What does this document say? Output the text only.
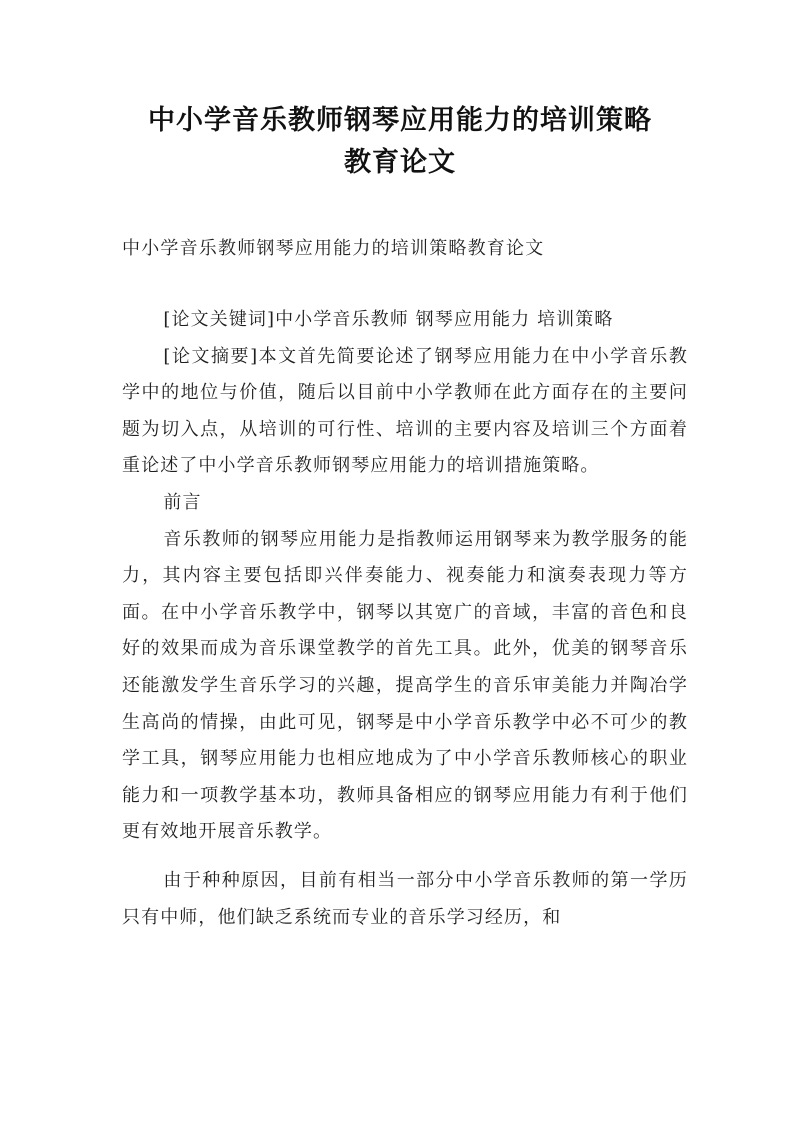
中小学音乐教师钢琴应用能力的培训策略
教育论文
中小学音乐教师钢琴应用能力的培训策略教育论文

[论文关键词]中小学音乐教师 钢琴应用能力 培训策略

[论文摘要]本文首先简要论述了钢琴应用能力在中小学音乐教学中的地位与价值，随后以目前中小学教师在此方面存在的主要问题为切入点，从培训的可行性、培训的主要内容及培训三个方面着重论述了中小学音乐教师钢琴应用能力的培训措施策略。

前言

音乐教师的钢琴应用能力是指教师运用钢琴来为教学服务的能力，其内容主要包括即兴伴奏能力、视奏能力和演奏表现力等方面。在中小学音乐教学中，钢琴以其宽广的音域，丰富的音色和良好的效果而成为音乐课堂教学的首先工具。此外，优美的钢琴音乐还能激发学生音乐学习的兴趣，提高学生的音乐审美能力并陶冶学生高尚的情操，由此可见，钢琴是中小学音乐教学中必不可少的教学工具，钢琴应用能力也相应地成为了中小学音乐教师核心的职业能力和一项教学基本功，教师具备相应的钢琴应用能力有利于他们更有效地开展音乐教学。

由于种种原因，目前有相当一部分中小学音乐教师的第一学历只有中师，他们缺乏系统而专业的音乐学习经历，和
